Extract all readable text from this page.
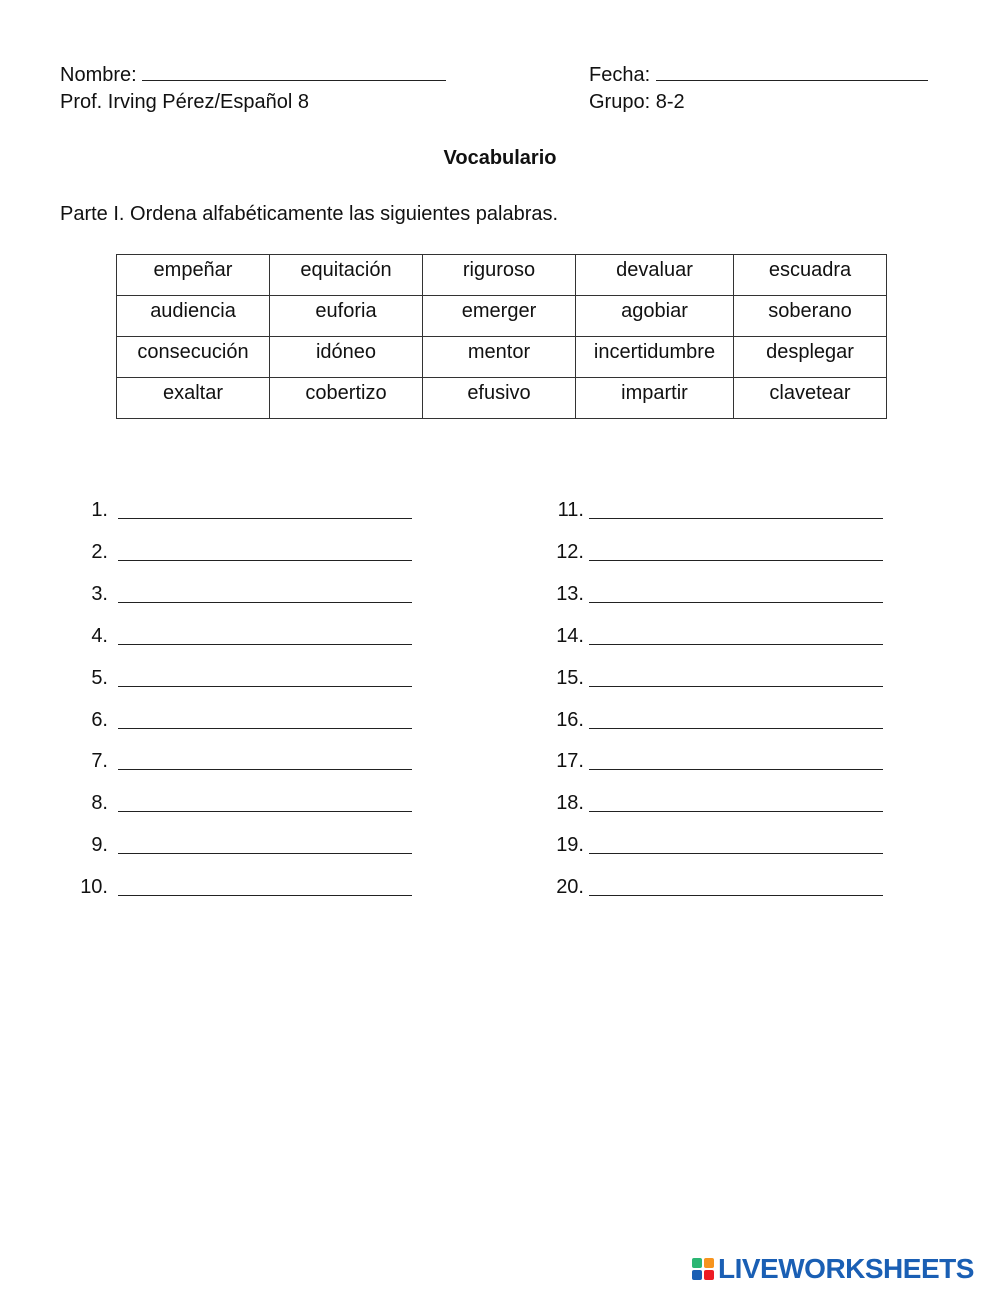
Nombre:	Fecha:
Prof. Irving Pérez/Español 8	Grupo: 8-2
Vocabulario
Parte I. Ordena alfabéticamente las siguientes palabras.
empeñar	equitación	riguroso	devaluar	escuadra
audiencia	euforia	emerger	agobiar	soberano
consecución	idóneo	mentor	incertidumbre	desplegar
exaltar	cobertizo	efusivo	impartir	clavetear
1.
2.
3.
4.
5.
6.
7.
8.
9.
10.
11.
12.
13.
14.
15.
16.
17.
18.
19.
20.
LIVEWORKSHEETS
